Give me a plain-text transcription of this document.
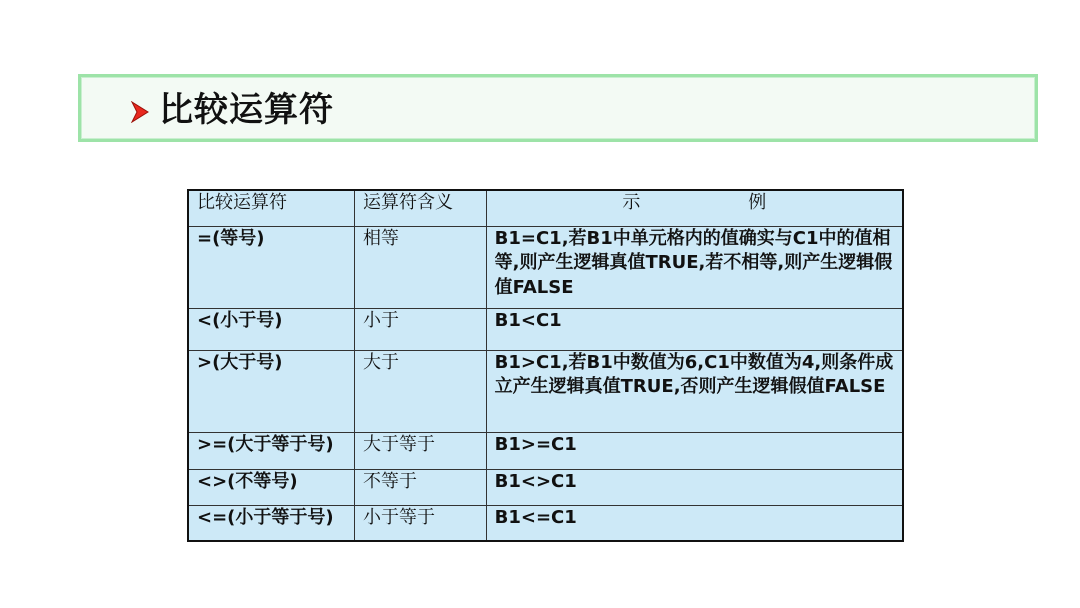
比较运算符
比较运算符	运算符含义	示　　　　　　例
=(等号)	相等	B1=C1,若B1中单元格内的值确实与C1中的值相等,则产生逻辑真值TRUE,若不相等,则产生逻辑假值FALSE
<(小于号)	小于	B1<C1
>(大于号)	大于	B1>C1,若B1中数值为6,C1中数值为4,则条件成立产生逻辑真值TRUE,否则产生逻辑假值FALSE
>=(大于等于号)	大于等于	B1>=C1
<>(不等号)	不等于	B1<>C1
<=(小于等于号)	小于等于	B1<=C1
